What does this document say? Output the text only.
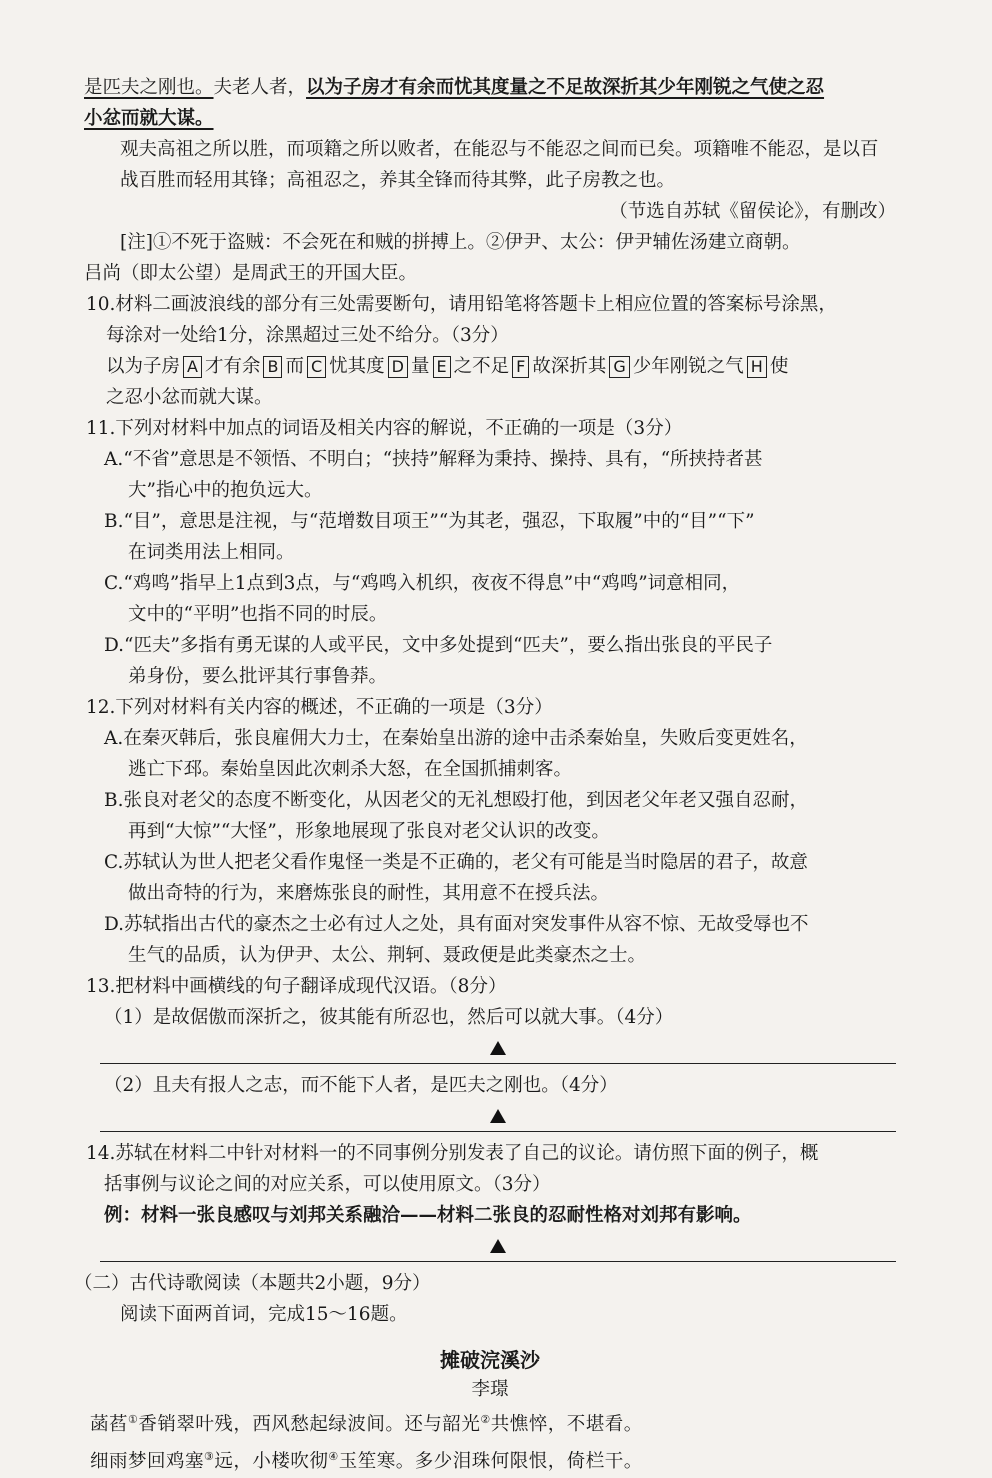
是匹夫之刚也。夫老人者，以为子房才有余而忧其度量之不足故深折其少年刚锐之气使之忍

小忿而就大谋。

观夫高祖之所以胜，而项籍之所以败者，在能忍与不能忍之间而已矣。项籍唯不能忍，是以百战百胜而轻用其锋；高祖忍之，养其全锋而待其弊，此子房教之也。

（节选自苏轼《留侯论》，有删改）

[注]①不死于盗贼：不会死在和贼的拼搏上。②伊尹、太公：伊尹辅佐汤建立商朝。

吕尚（即太公望）是周武王的开国大臣。

10.材料二画波浪线的部分有三处需要断句，请用铅笔将答题卡上相应位置的答案标号涂黑，

每涂对一处给1分，涂黑超过三处不给分。（3分）

以为子房 A 才有余 B 而 C 忧其度 D 量 E 之不足 F 故深折其 G 少年刚锐之气 H 使

之忍小忿而就大谋。

11.下列对材料中加点的词语及相关内容的解说，不正确的一项是（3分）

A.“不省”意思是不领悟、不明白；“挟持”解释为秉持、操持、具有，“所挟持者甚

大”指心中的抱负远大。

B.“目”，意思是注视，与“范增数目项王”“为其老，强忍，下取履”中的“目”“下”

在词类用法上相同。

C.“鸡鸣”指早上1点到3点，与“鸡鸣入机织，夜夜不得息”中“鸡鸣”词意相同，

文中的“平明”也指不同的时辰。

D.“匹夫”多指有勇无谋的人或平民，文中多处提到“匹夫”，要么指出张良的平民子

弟身份，要么批评其行事鲁莽。

12.下列对材料有关内容的概述，不正确的一项是（3分）

A.在秦灭韩后，张良雇佣大力士，在秦始皇出游的途中击杀秦始皇，失败后变更姓名，

逃亡下邳。秦始皇因此次刺杀大怒，在全国抓捕刺客。

B.张良对老父的态度不断变化，从因老父的无礼想殴打他，到因老父年老又强自忍耐，

再到“大惊”“大怪”，形象地展现了张良对老父认识的改变。

C.苏轼认为世人把老父看作鬼怪一类是不正确的，老父有可能是当时隐居的君子，故意

做出奇特的行为，来磨炼张良的耐性，其用意不在授兵法。

D.苏轼指出古代的豪杰之士必有过人之处，具有面对突发事件从容不惊、无故受辱也不

生气的品质，认为伊尹、太公、荆轲、聂政便是此类豪杰之士。

13.把材料中画横线的句子翻译成现代汉语。（8分）

（1）是故倨傲而深折之，彼其能有所忍也，然后可以就大事。（4分）

（2）且夫有报人之志，而不能下人者，是匹夫之刚也。（4分）

14.苏轼在材料二中针对材料一的不同事例分别发表了自己的议论。请仿照下面的例子，概

括事例与议论之间的对应关系，可以使用原文。（3分）

例：材料一张良感叹与刘邦关系融洽——材料二张良的忍耐性格对刘邦有影响。

（二）古代诗歌阅读（本题共2小题，9分）

阅读下面两首词，完成15～16题。

摊破浣溪沙
李璟

菡萏①香销翠叶残，西风愁起绿波间。还与韶光②共憔悴，不堪看。

细雨梦回鸡塞③远，小楼吹彻④玉笙寒。多少泪珠何限恨，倚栏干。
